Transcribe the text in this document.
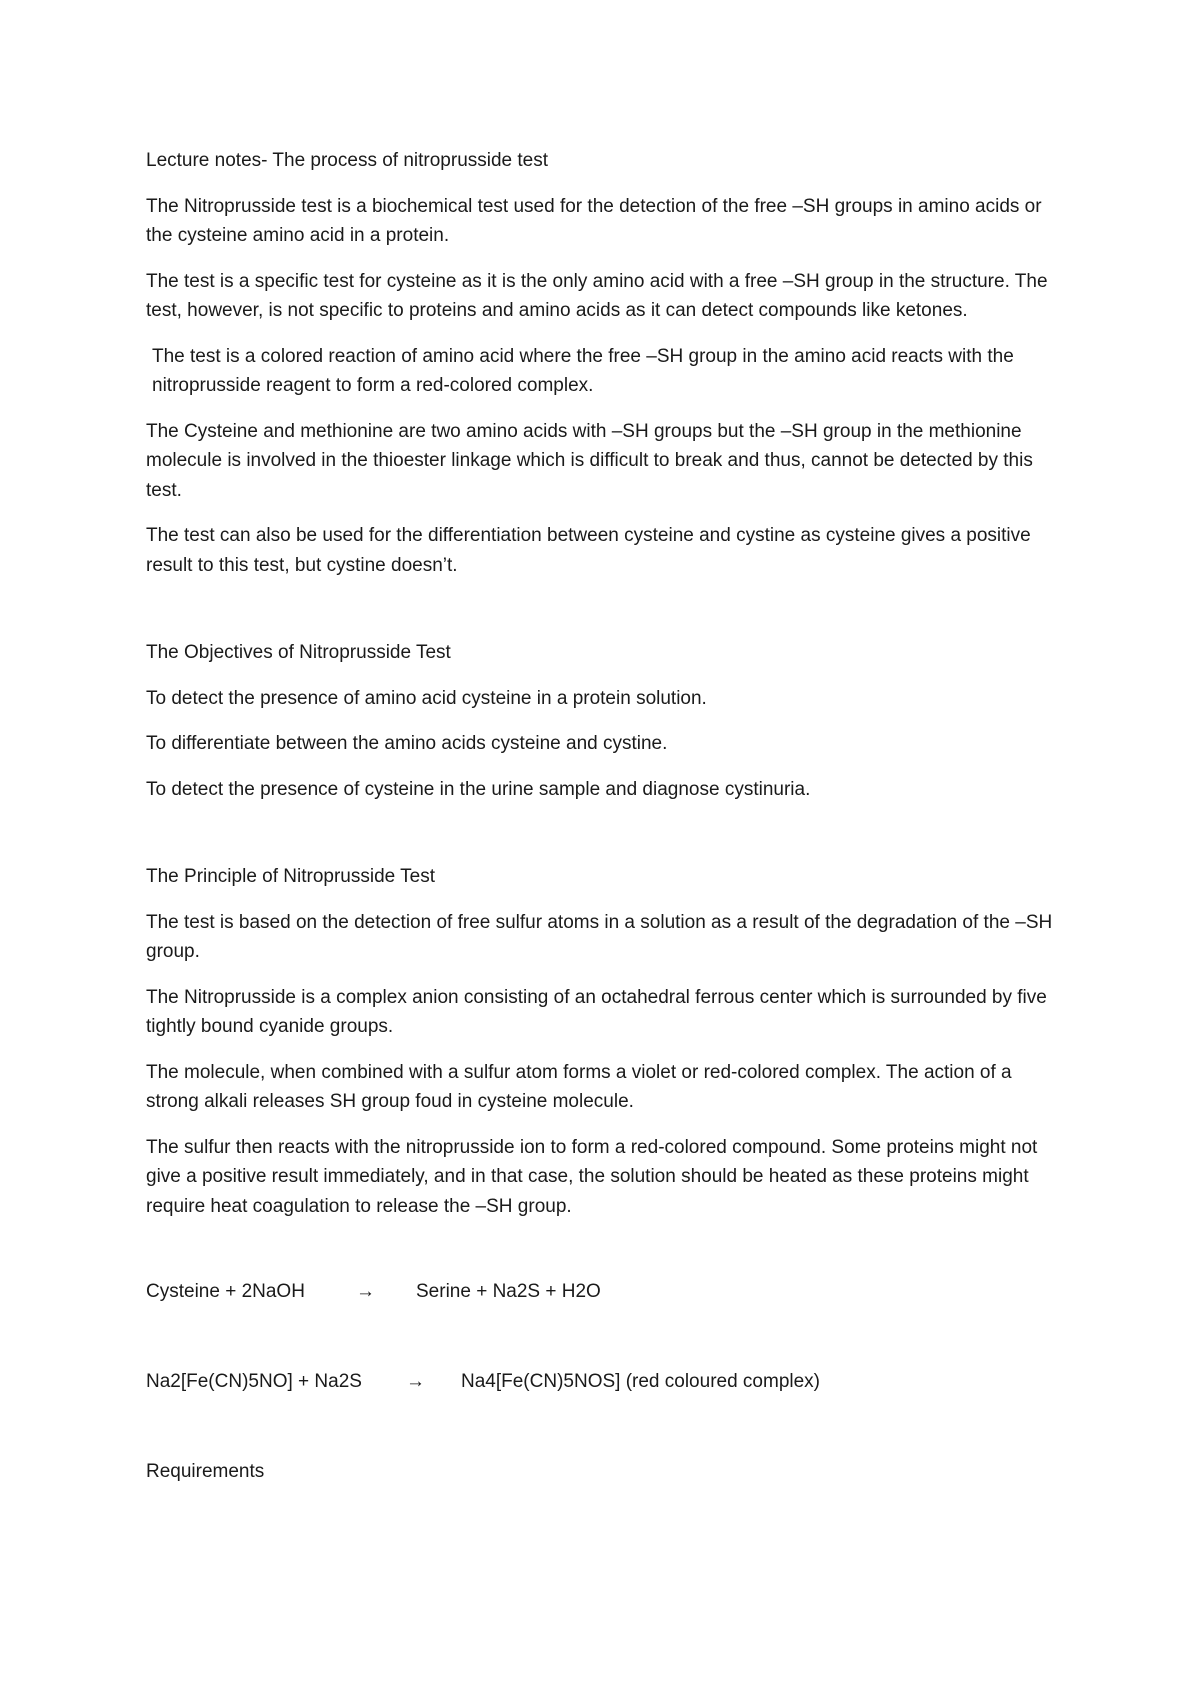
Lecture notes- The process of nitroprusside test

The Nitroprusside test is a biochemical test used for the detection of the free –SH groups in amino acids or the cysteine amino acid in a protein.

The test is a specific test for cysteine as it is the only amino acid with a free –SH group in the structure. The test, however, is not specific to proteins and amino acids as it can detect compounds like ketones.

The test is a colored reaction of amino acid where the free –SH group in the amino acid reacts with the nitroprusside reagent to form a red-colored complex.

The Cysteine and methionine are two amino acids with –SH groups but the –SH group in the methionine molecule is involved in the thioester linkage which is difficult to break and thus, cannot be detected by this test.

The test can also be used for the differentiation between cysteine and cystine as cysteine gives a positive result to this test, but cystine doesn’t.

The Objectives of Nitroprusside Test

To detect the presence of amino acid cysteine in a protein solution.

To differentiate between the amino acids cysteine and cystine.

To detect the presence of cysteine in the urine sample and diagnose cystinuria.

The Principle of Nitroprusside Test

The test is based on the detection of free sulfur atoms in a solution as a result of the degradation of the –SH group.

The Nitroprusside is a complex anion consisting of an octahedral ferrous center which is surrounded by five tightly bound cyanide groups.

The molecule, when combined with a sulfur atom forms a violet or red-colored complex. The action of a strong alkali releases SH group foud in cysteine molecule.

The sulfur then reacts with the nitroprusside ion to form a red-colored compound. Some proteins might not give a positive result immediately, and in that case, the solution should be heated as these proteins might require heat coagulation to release the –SH group.

Cysteine + 2NaOH	→ Serine + Na2S + H2O
Na2[Fe(CN)5NO] + Na2S → Na4[Fe(CN)5NOS] (red coloured complex)

Requirements
